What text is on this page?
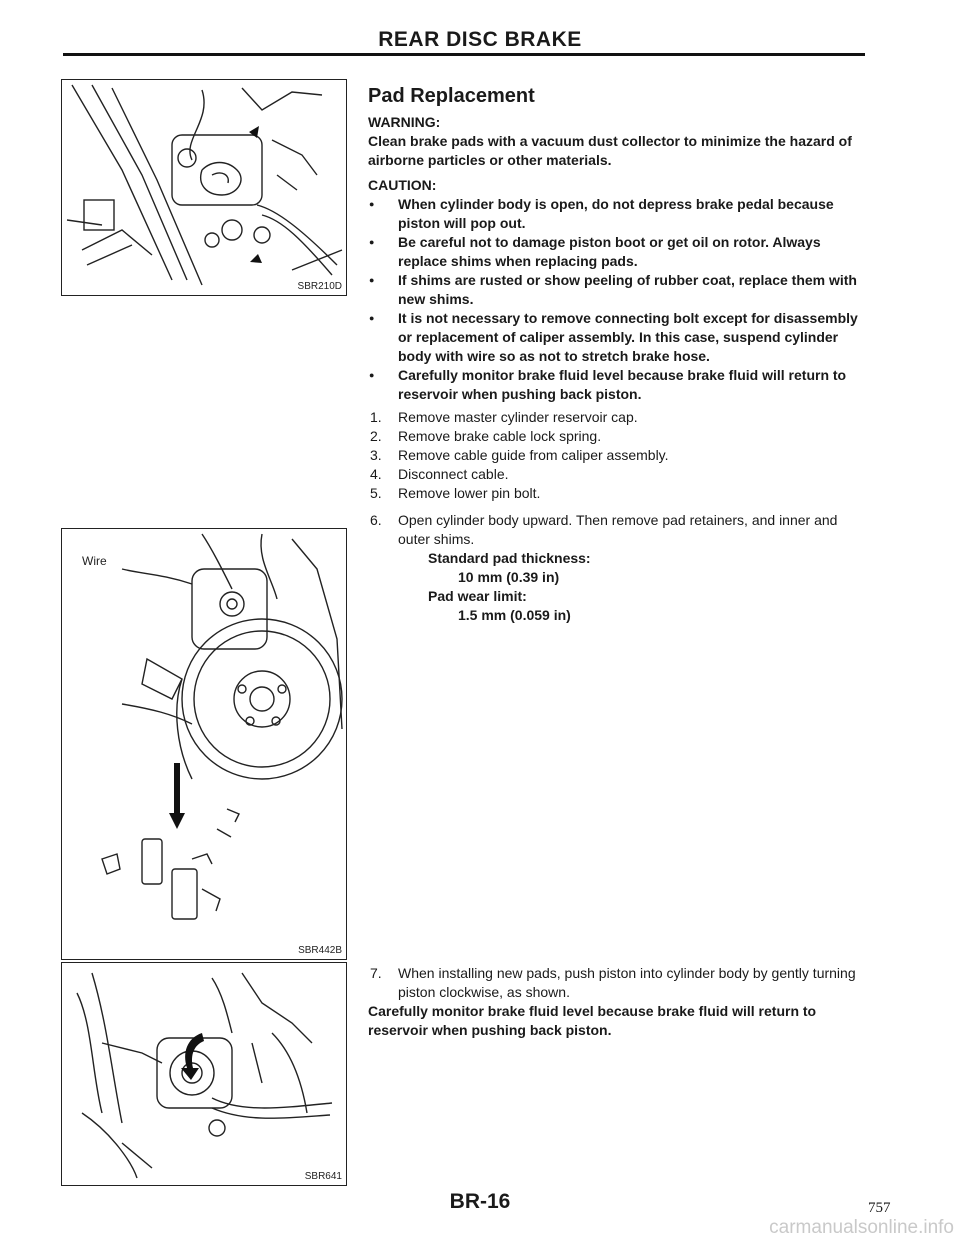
REAR DISC BRAKE
SBR210D
Wire
SBR442B
SBR641
Pad Replacement

WARNING:

Clean brake pads with a vacuum dust collector to minimize the hazard of airborne particles or other materials.

CAUTION:

● When cylinder body is open, do not depress brake pedal because piston will pop out.

● Be careful not to damage piston boot or get oil on rotor. Always replace shims when replacing pads.

● If shims are rusted or show peeling of rubber coat, replace them with new shims.

● It is not necessary to remove connecting bolt except for disassembly or replacement of caliper assembly. In this case, suspend cylinder body with wire so as not to stretch brake hose.

● Carefully monitor brake fluid level because brake fluid will return to reservoir when pushing back piston.

1. Remove master cylinder reservoir cap.

2. Remove brake cable lock spring.

3. Remove cable guide from caliper assembly.

4. Disconnect cable.

5. Remove lower pin bolt.

6. Open cylinder body upward. Then remove pad retainers, and inner and outer shims.

Standard pad thickness:

10 mm (0.39 in)

Pad wear limit:

1.5 mm (0.059 in)

7. When installing new pads, push piston into cylinder body by gently turning piston clockwise, as shown.

Carefully monitor brake fluid level because brake fluid will return to reservoir when pushing back piston.

BR-16	757
carmanualsonline.info
